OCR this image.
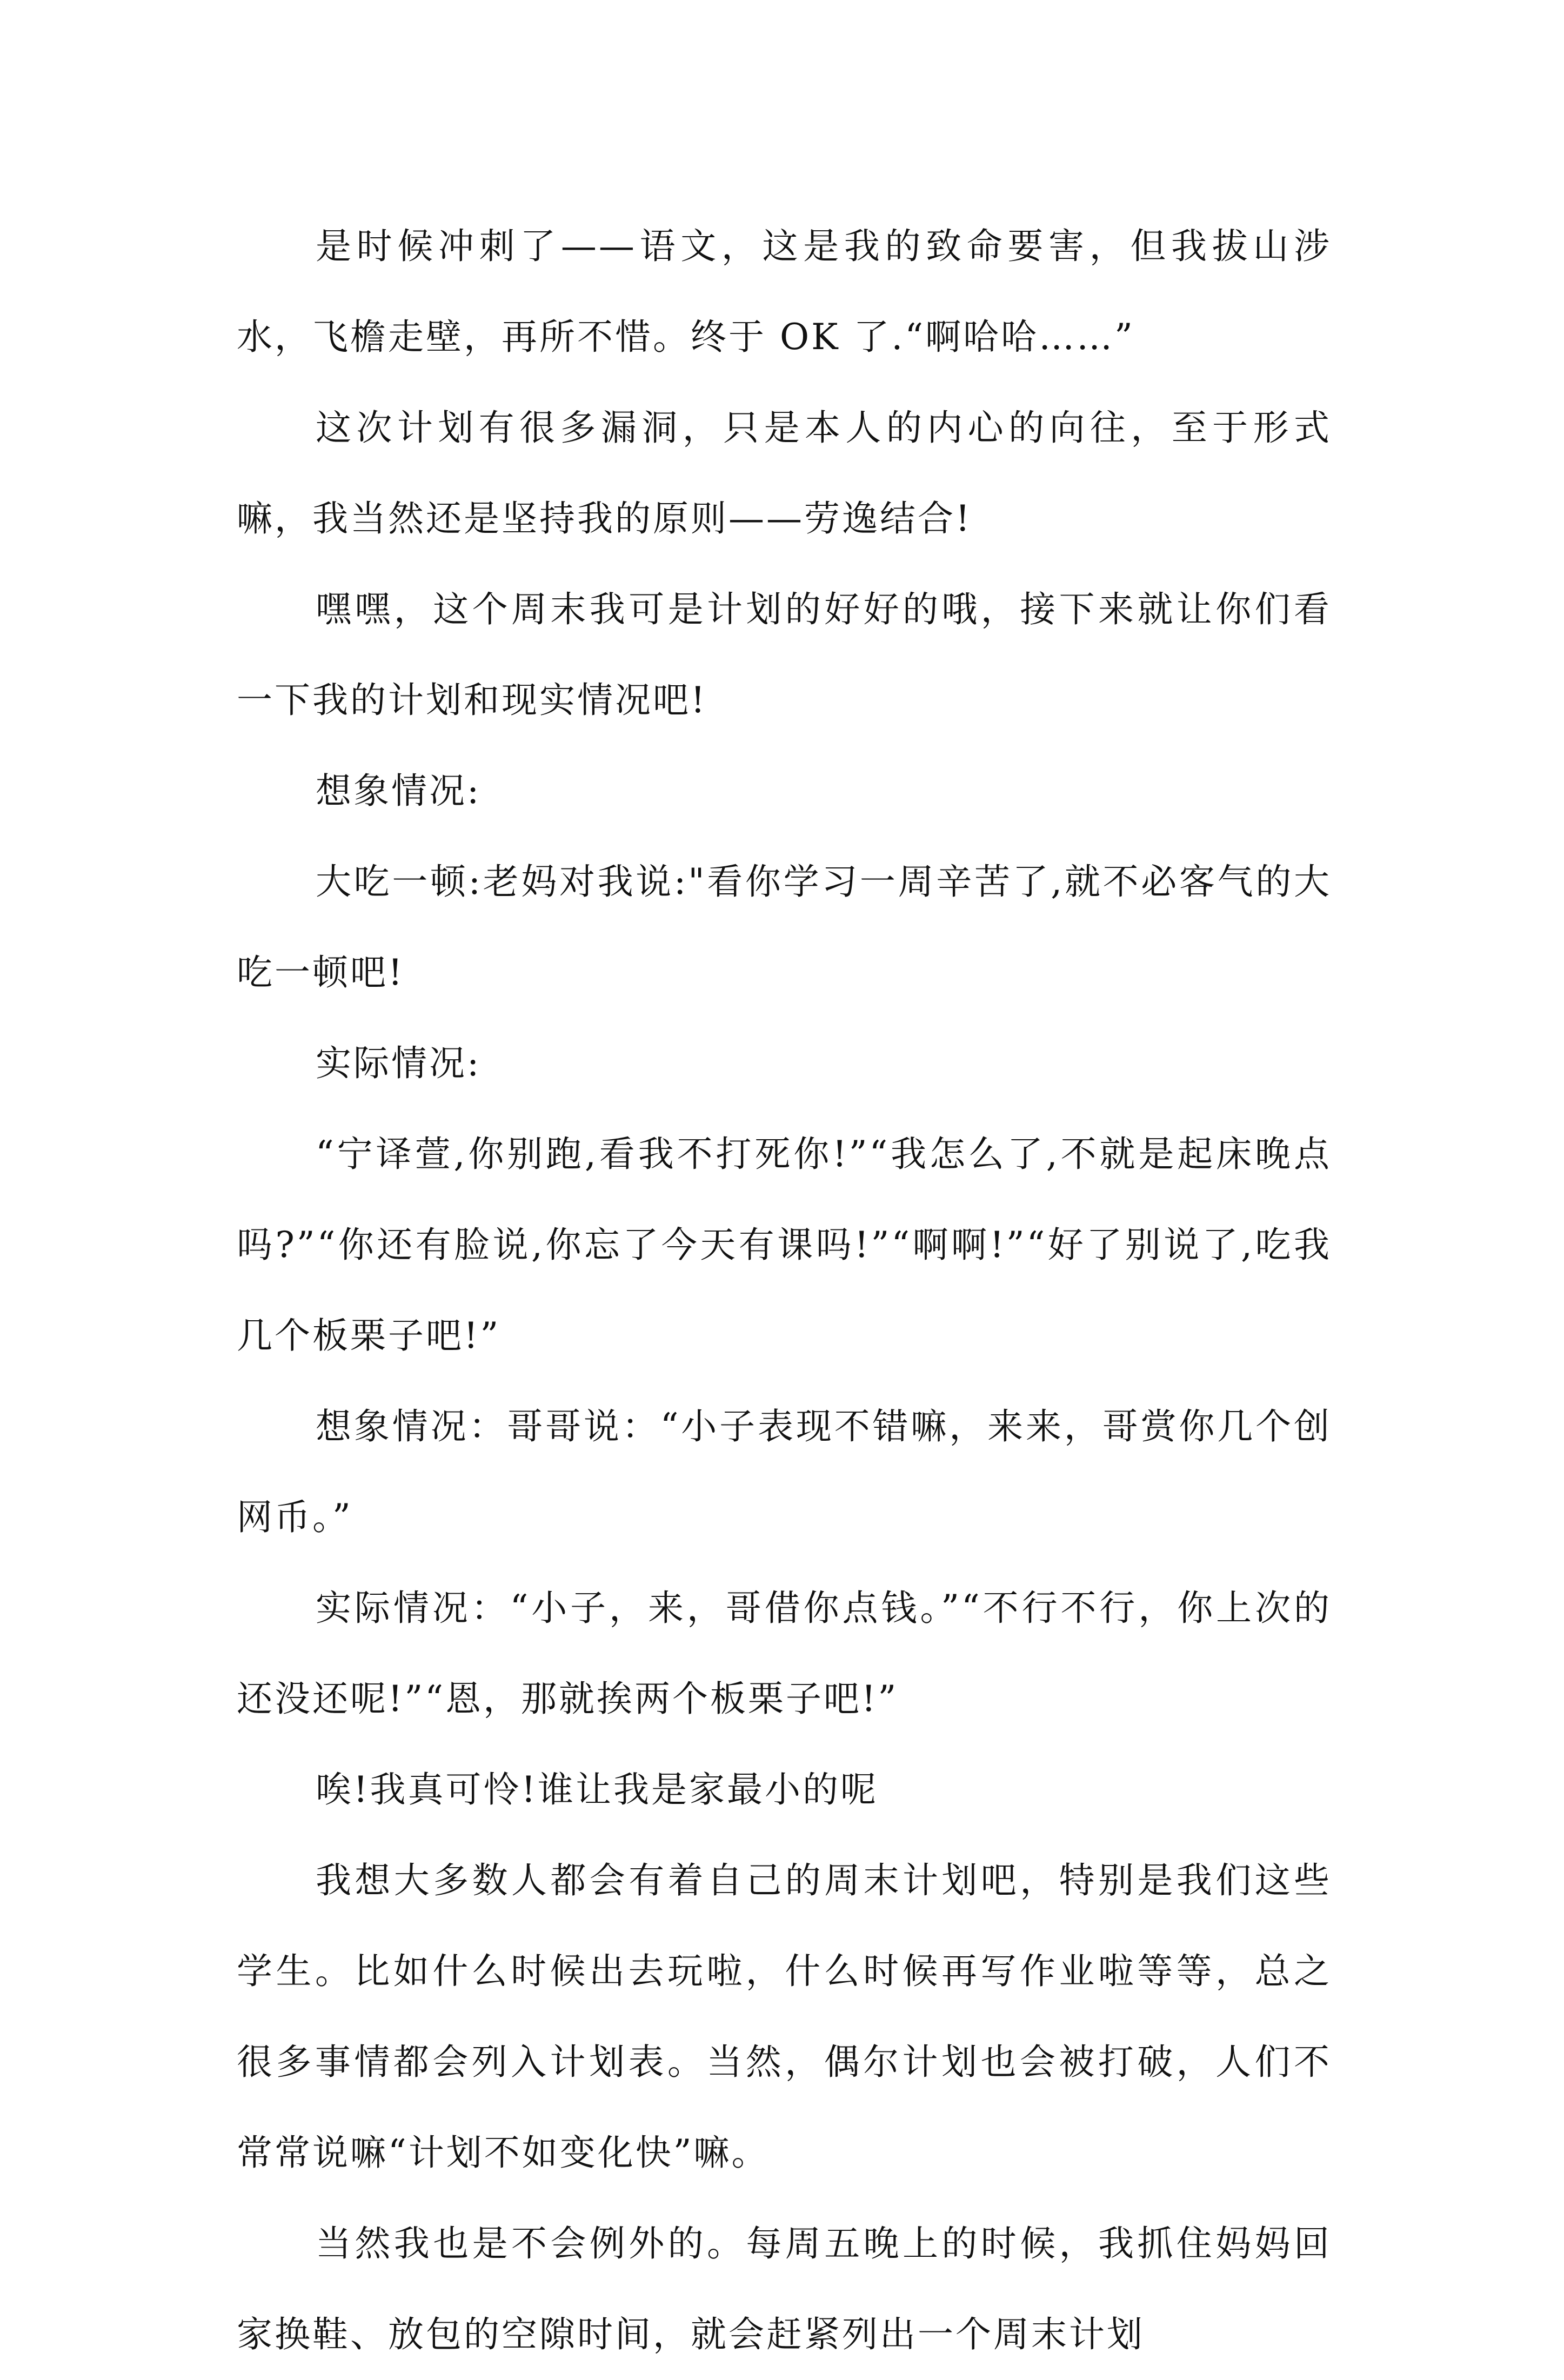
是时候冲刺了——语文，这是我的致命要害，但我拔山涉水，飞檐走壁，再所不惜。终于 OK 了.“啊哈哈……”

这次计划有很多漏洞，只是本人的内心的向往，至于形式嘛，我当然还是坚持我的原则——劳逸结合!

嘿嘿，这个周末我可是计划的好好的哦，接下来就让你们看一下我的计划和现实情况吧!

想象情况:

大吃一顿:老妈对我说:"看你学习一周辛苦了,就不必客气的大吃一顿吧!

实际情况:

“宁译萱,你别跑,看我不打死你!”“我怎么了,不就是起床晚点吗?”“你还有脸说,你忘了今天有课吗!”“啊啊!”“好了别说了,吃我几个板栗子吧!”

想象情况：哥哥说：“小子表现不错嘛，来来，哥赏你几个创网币。”

实际情况：“小子，来，哥借你点钱。”“不行不行，你上次的还没还呢!”“恩，那就挨两个板栗子吧!”

唉!我真可怜!谁让我是家最小的呢

我想大多数人都会有着自己的周末计划吧，特别是我们这些学生。比如什么时候出去玩啦，什么时候再写作业啦等等，总之很多事情都会列入计划表。当然，偶尔计划也会被打破，人们不常常说嘛“计划不如变化快”嘛。

当然我也是不会例外的。每周五晚上的时候，我抓住妈妈回家换鞋、放包的空隙时间，就会赶紧列出一个周末计划
